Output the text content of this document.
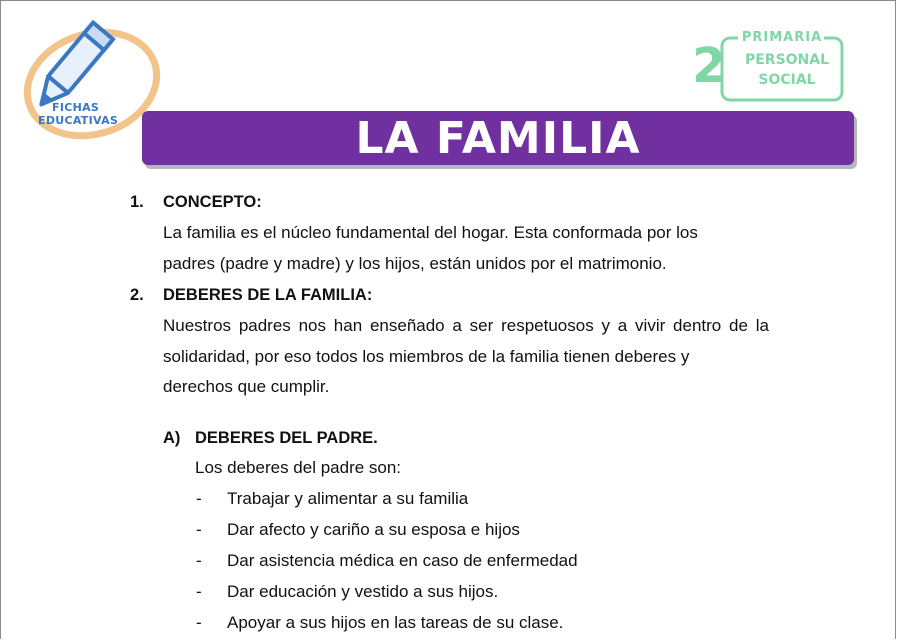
FICHAS
EDUCATIVAS
PRIMARIA
2	PERSONAL
SOCIAL
LA FAMILIA
1. CONCEPTO:
La familia es el núcleo fundamental del hogar. Esta conformada por los
padres (padre y madre) y los hijos, están unidos por el matrimonio.
2. DEBERES DE LA FAMILIA:
Nuestros padres nos han enseñado a ser respetuosos y a vivir dentro de la solidaridad, por eso todos los miembros de la familia tienen deberes y
derechos que cumplir.
A) DEBERES DEL PADRE.
Los deberes del padre son:
- Trabajar y alimentar a su familia
- Dar afecto y cariño a su esposa e hijos
- Dar asistencia médica en caso de enfermedad
- Dar educación y vestido a sus hijos.
- Apoyar a sus hijos en las tareas de su clase.
